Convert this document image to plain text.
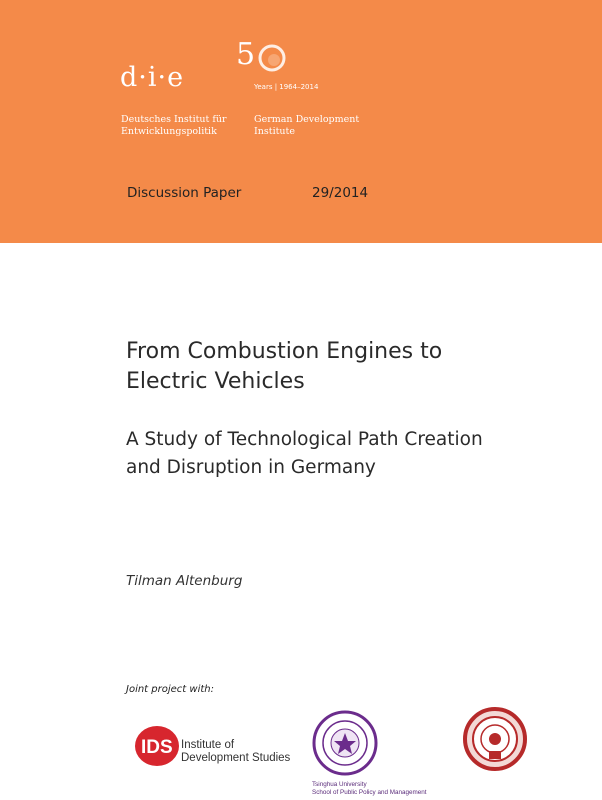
d·i·e
5
Years | 1964–2014
Deutsches Institut für
Entwicklungspolitik
German Development
Institute
Discussion Paper	29/2014
From Combustion Engines to
Electric Vehicles
A Study of Technological Path Creation
and Disruption in Germany
Tilman Altenburg
Joint project with:
IDS Institute of
Development Studies
Tsinghua University
School of Public Policy and Management
